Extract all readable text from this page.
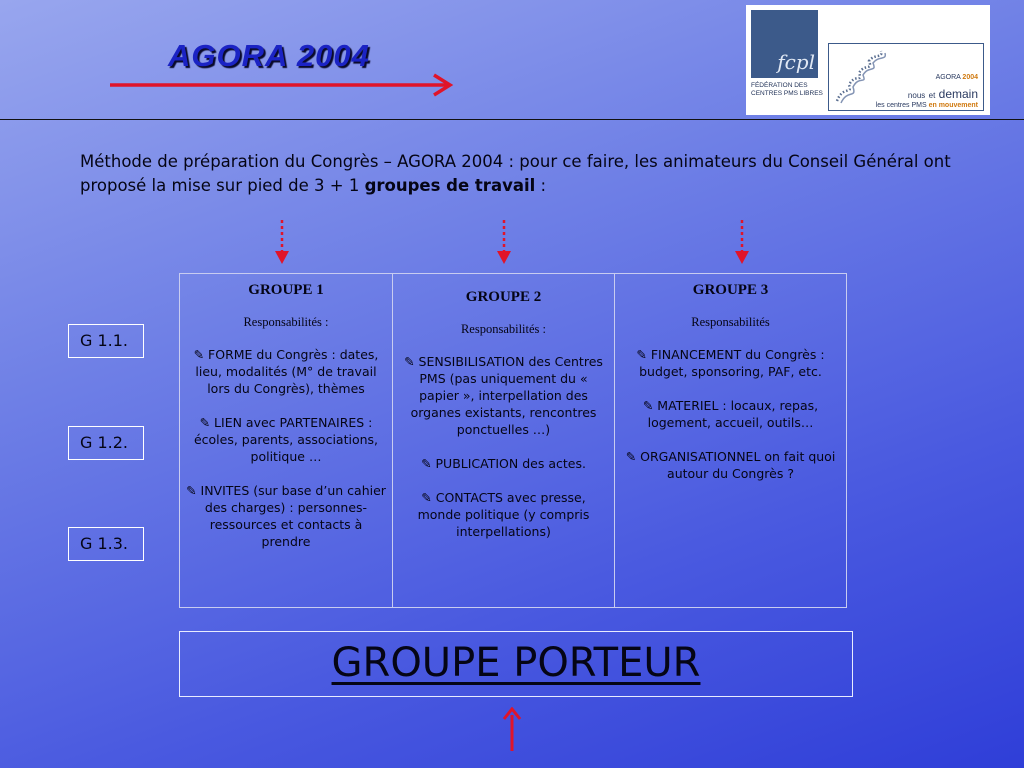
AGORA 2004	fcpl
FÉDÉRATION DES
CENTRES PMS LIBRES
AGORA 2004
nous et demain
les centres PMS en mouvement
Méthode de préparation du Congrès – AGORA 2004 : pour ce faire, les animateurs du Conseil Général ont proposé la mise sur pied de 3 + 1 groupes de travail :
GROUPE 1
Responsabilités :
✎ FORME du Congrès : dates, lieu, modalités (M° de travail lors du Congrès), thèmes
✎ LIEN avec PARTENAIRES : écoles, parents, associations, politique …
✎ INVITES (sur base d’un cahier des charges) : personnes-ressources et contacts à prendre
GROUPE 2
Responsabilités :
✎ SENSIBILISATION des Centres PMS (pas uniquement du « papier », interpellation des organes existants, rencontres ponctuelles …)
✎ PUBLICATION des actes.
✎ CONTACTS avec presse, monde politique (y compris interpellations)
GROUPE 3
Responsabilités
✎ FINANCEMENT du Congrès : budget, sponsoring, PAF, etc.
✎ MATERIEL : locaux, repas, logement, accueil, outils…
✎ ORGANISATIONNEL on fait quoi autour du Congrès ?
G 1.1.
G 1.2.
G 1.3.
GROUPE PORTEUR
